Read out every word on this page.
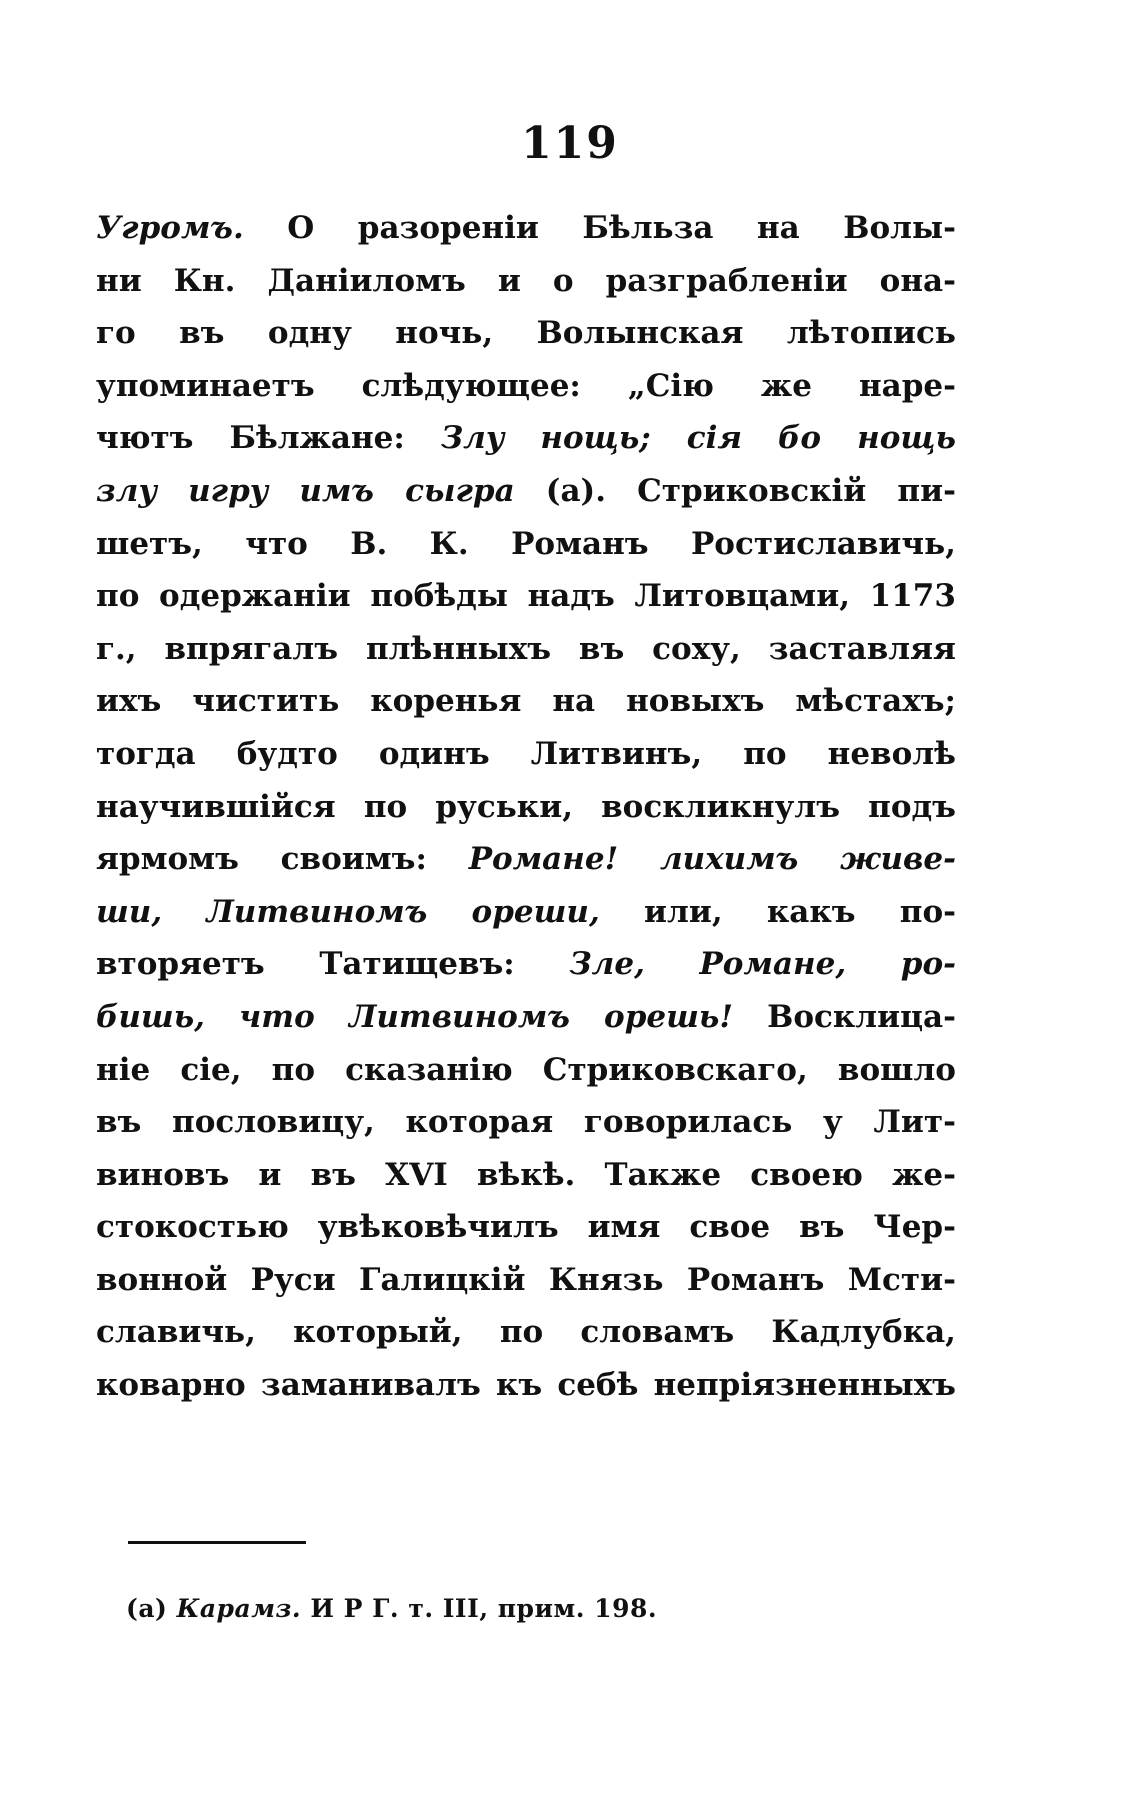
119
Угромъ. О разореніи Бѣльза на Волы-
ни Кн. Даніиломъ и о разграбленіи она-
го въ одну ночь, Волынская лѣтопись
упоминаетъ слѣдующее: „Сію же наре-
чютъ Бѣлжане: Злу нощь; сія бо нощь
злу игру имъ сыгра (а). Стриковскій пи-
шетъ, что В. К. Романъ Ростиславичь,
по одержаніи побѣды надъ Литовцами, 1173
г., впрягалъ плѣнныхъ въ соху, заставляя
ихъ чистить коренья на новыхъ мѣстахъ;
тогда будто одинъ Литвинъ, по неволѣ
научившійся по руськи, воскликнулъ подъ
ярмомъ своимъ: Романе! лихимъ живе-
ши, Литвиномъ ореши, или, какъ по-
вторяетъ Татищевъ: Зле, Романе, ро-
бишь, что Литвиномъ орешь! Восклица-
ніе сіе, по сказанію Стриковскаго, вошло
въ пословицу, которая говорилась у Лит-
виновъ и въ XVI вѣкѣ. Также своею же-
стокостью увѣковѣчилъ имя свое въ Чер-
вонной Руси Галицкій Князь Романъ Мсти-
славичь, который, по словамъ Кадлубка,
коварно заманивалъ къ себѣ непріязненныхъ
(а) Карамз. И Р Г. т. III, прим. 198.
